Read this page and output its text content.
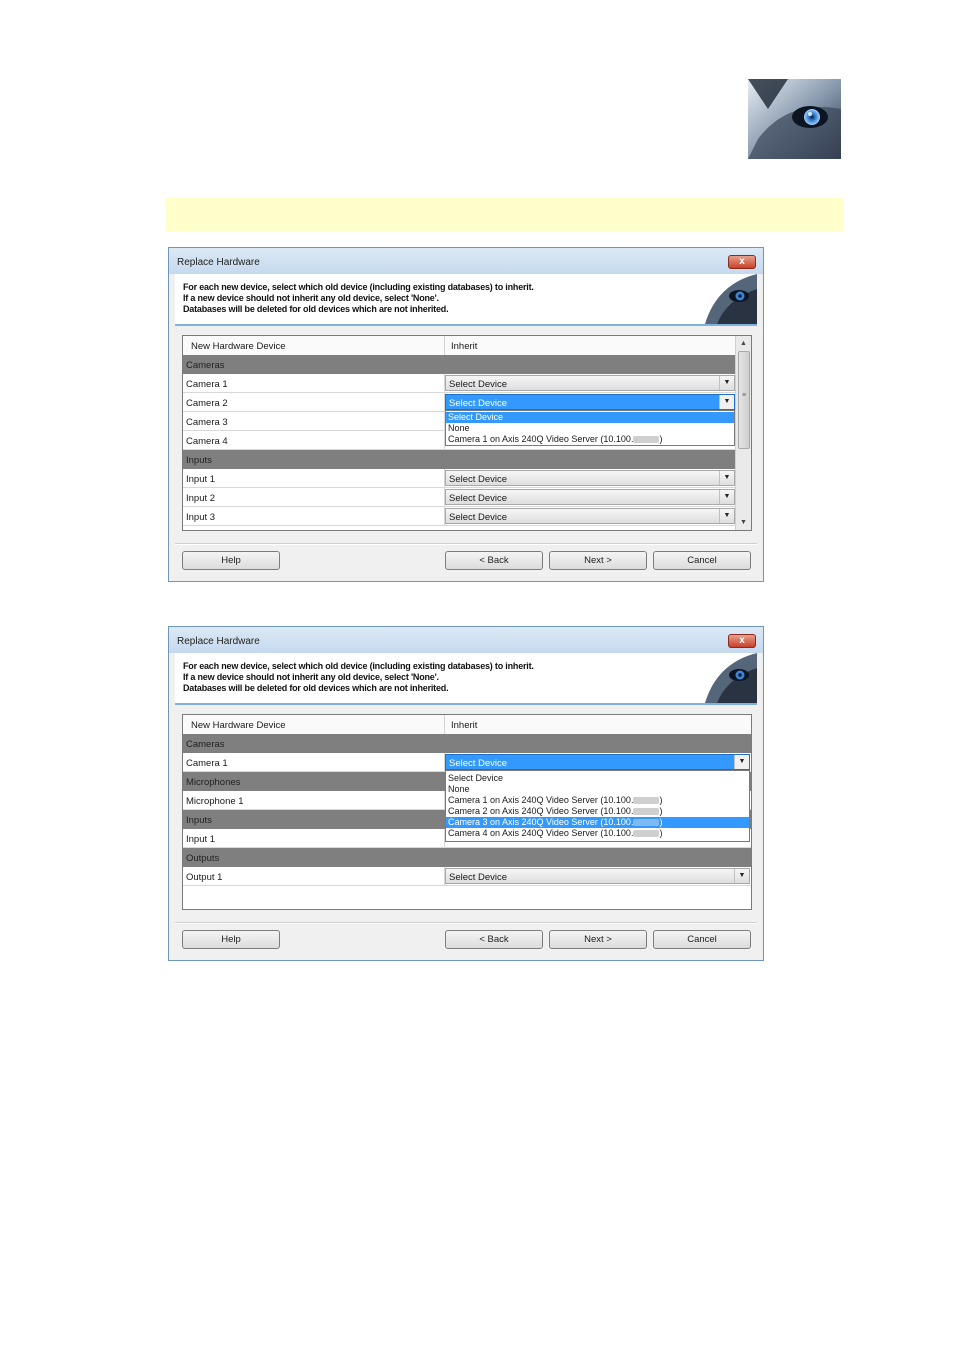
Replace Hardware	x
For each new device, select which old device (including existing databases) to inherit.
If a new device should not inherit any old device, select 'None'.
Databases will be deleted for old devices which are not inherited.
New Hardware Device	Inherit
Cameras
Camera 1	Select Device	▼
Camera 2	Select Device	▼
Camera 3
Camera 4
Inputs
Input 1	Select Device	▼
Input 2	Select Device	▼
Input 3	Select Device	▼
Select Device
None
Camera 1 on Axis 240Q Video Server (10.100.	)
▲
≡
▼
Help	< Back	Next >	Cancel
Replace Hardware	x
For each new device, select which old device (including existing databases) to inherit.
If a new device should not inherit any old device, select 'None'.
Databases will be deleted for old devices which are not inherited.
New Hardware Device	Inherit
Cameras
Camera 1	Select Device	▼
Microphones
Microphone 1
Inputs
Input 1
Outputs
Output 1	Select Device	▼
Select Device
None
Camera 1 on Axis 240Q Video Server (10.100.	)
Camera 2 on Axis 240Q Video Server (10.100.	)
Camera 3 on Axis 240Q Video Server (10.100.	)
Camera 4 on Axis 240Q Video Server (10.100.	)
Help	< Back	Next >	Cancel
